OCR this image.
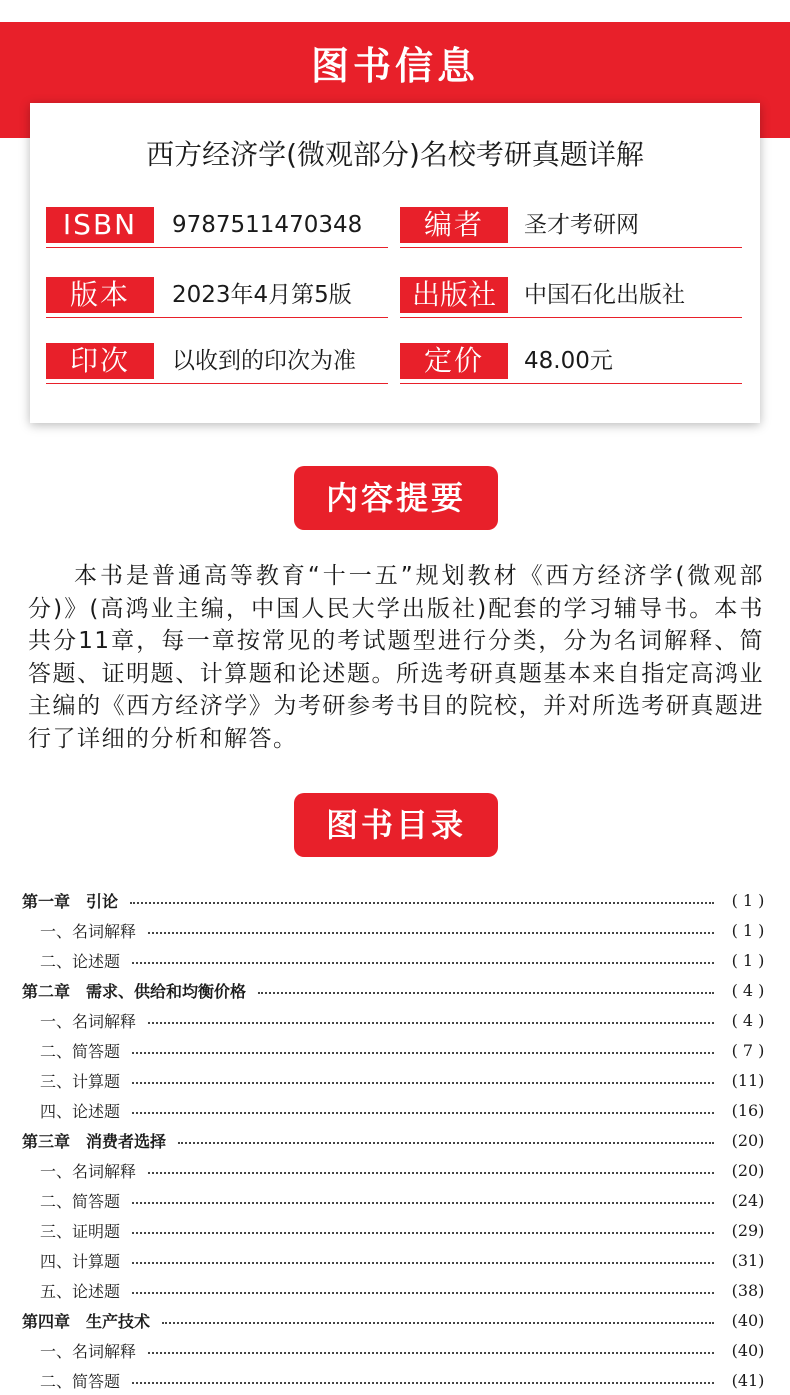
图书信息
西方经济学(微观部分)名校考研真题详解
ISBN	9787511470348	编者	圣才考研网
版本	2023年4月第5版	出版社	中国石化出版社
印次	以收到的印次为准	定价	48.00元
内容提要
本书是普通高等教育“十一五”规划教材《西方经济学(微观部分)》(高鸿业主编，中国人民大学出版社)配套的学习辅导书。本书共分11章，每一章按常见的考试题型进行分类，分为名词解释、简答题、证明题、计算题和论述题。所选考研真题基本来自指定高鸿业主编的《西方经济学》为考研参考书目的院校，并对所选考研真题进行了详细的分析和解答。
图书目录
第一章　引论	( 1 )
一、名词解释	( 1 )
二、论述题	( 1 )
第二章　需求、供给和均衡价格	( 4 )
一、名词解释	( 4 )
二、简答题	( 7 )
三、计算题	(11)
四、论述题	(16)
第三章　消费者选择	(20)
一、名词解释	(20)
二、简答题	(24)
三、证明题	(29)
四、计算题	(31)
五、论述题	(38)
第四章　生产技术	(40)
一、名词解释	(40)
二、简答题	(41)
